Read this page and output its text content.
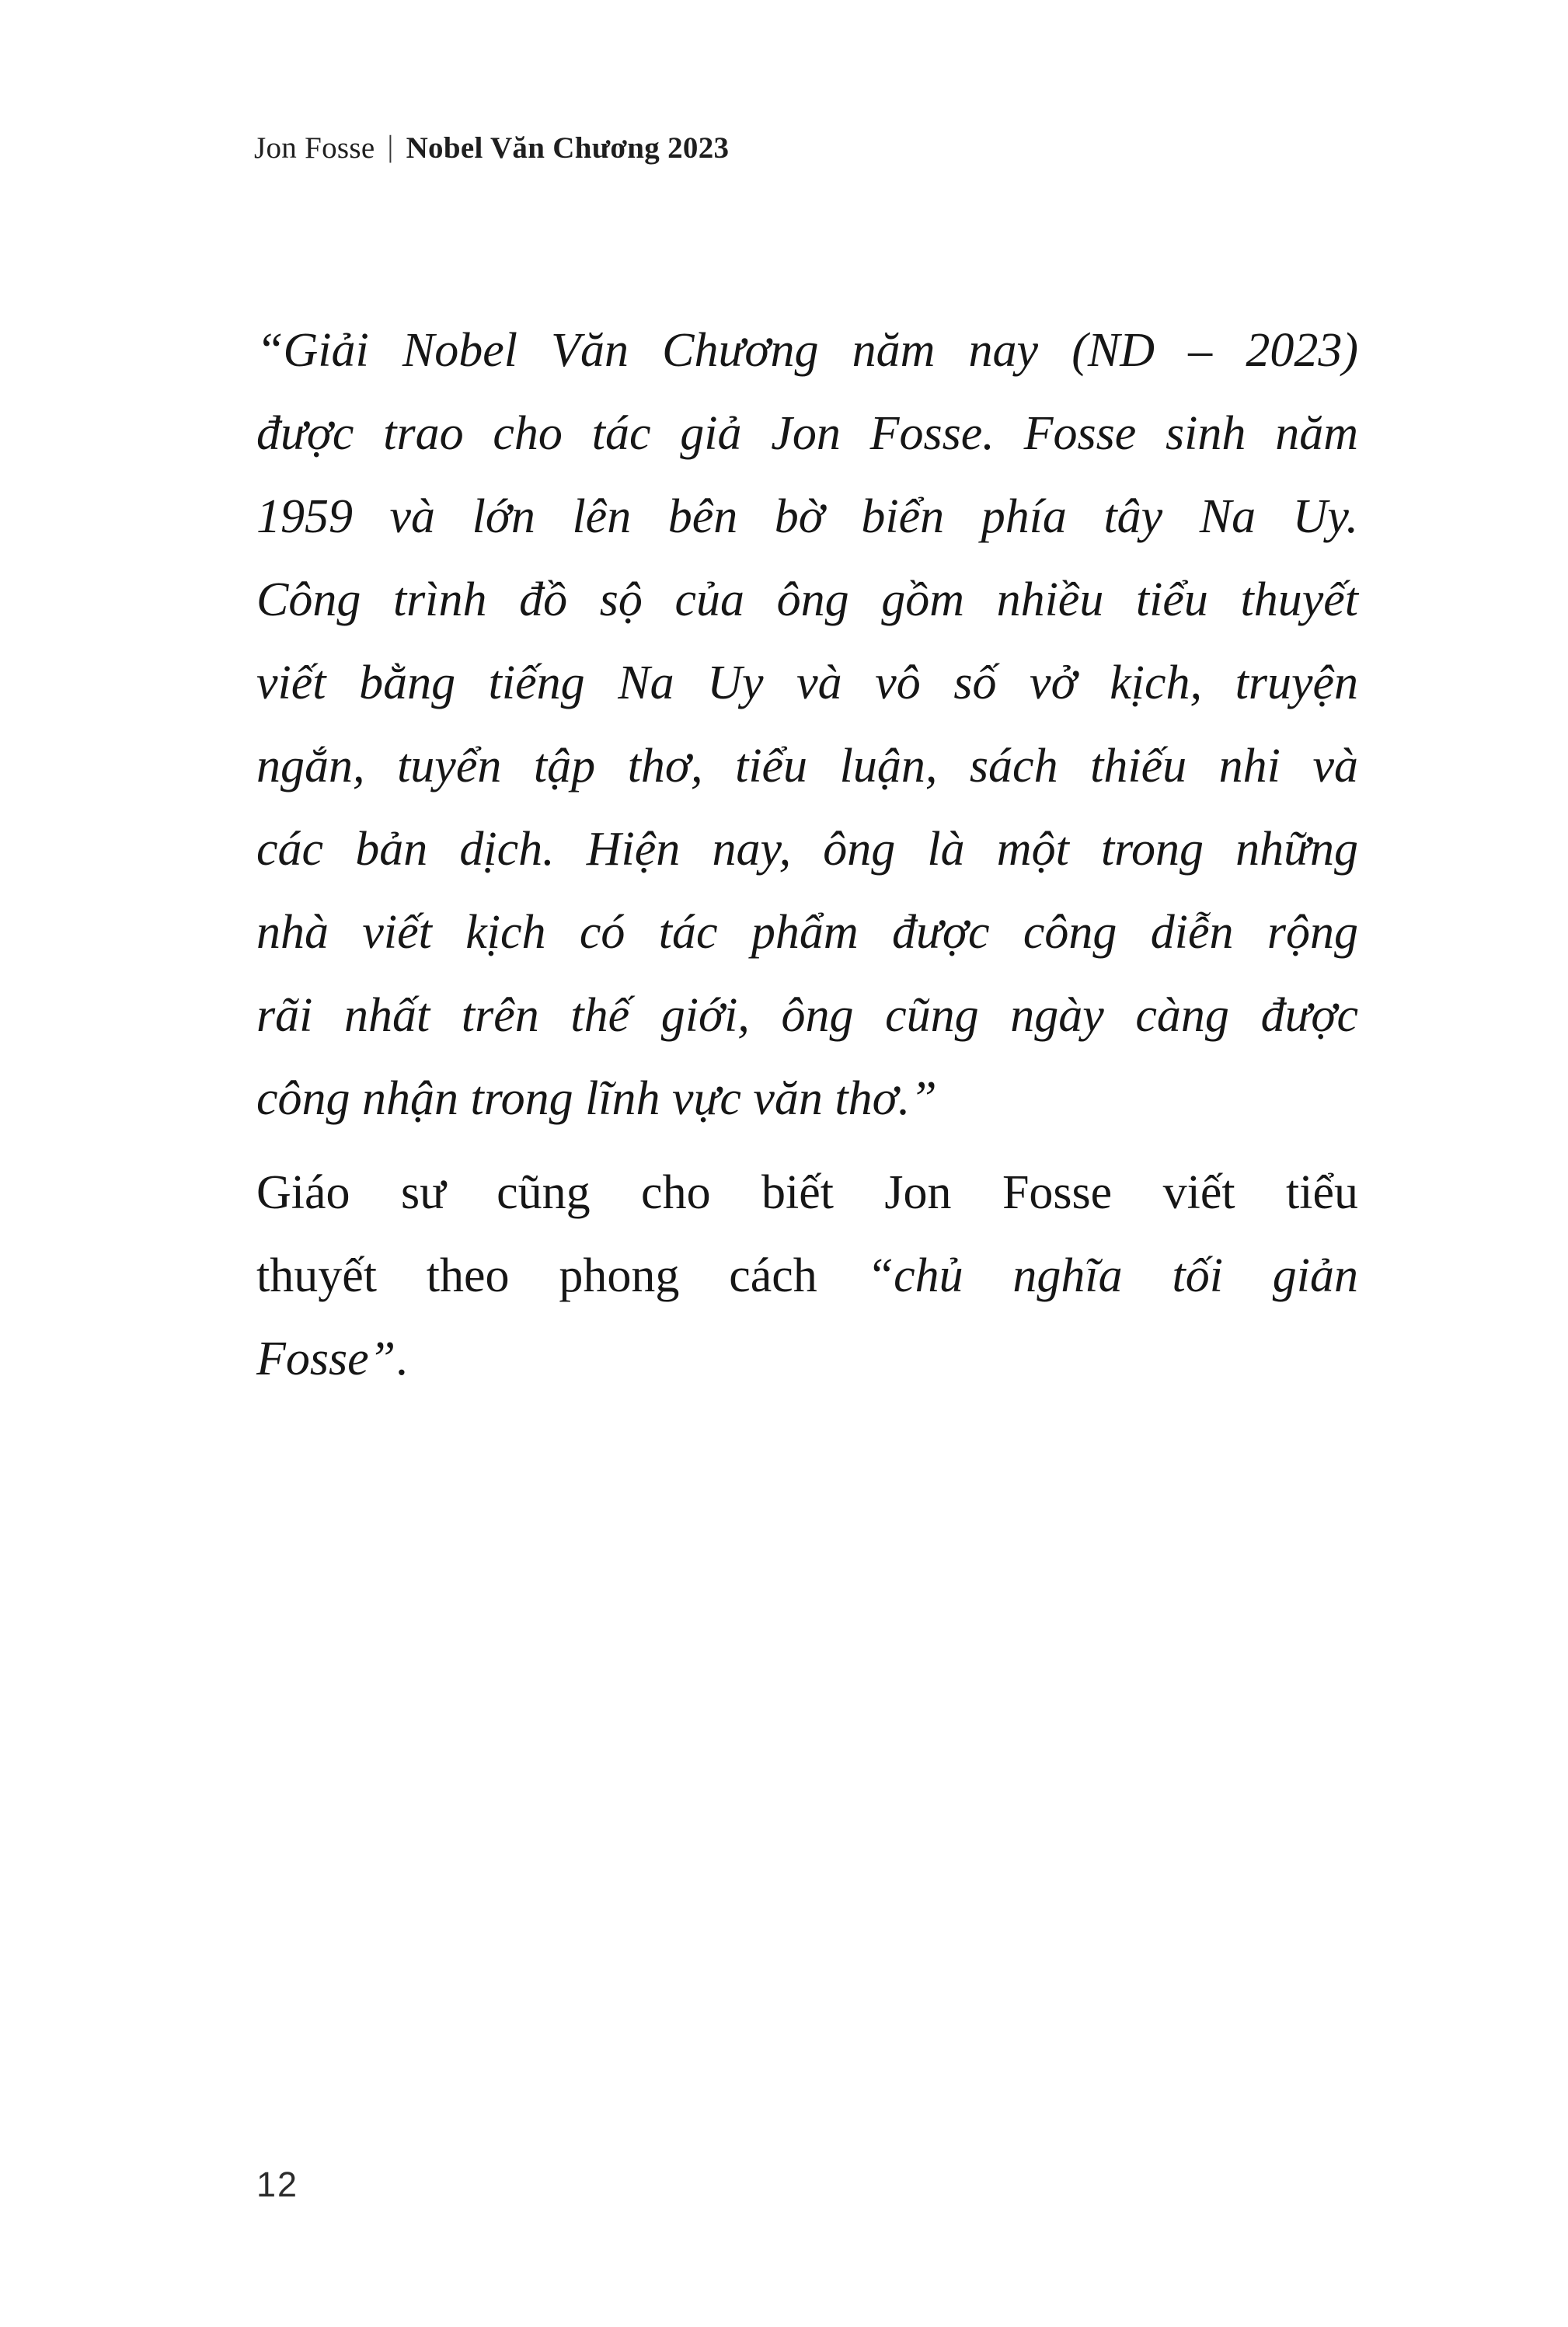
Jon Fosse | Nobel Văn Chương 2023
“Giải Nobel Văn Chương năm nay (ND – 2023)
được trao cho tác giả Jon Fosse. Fosse sinh năm
1959 và lớn lên bên bờ biển phía tây Na Uy.
Công trình đồ sộ của ông gồm nhiều tiểu thuyết
viết bằng tiếng Na Uy và vô số vở kịch, truyện
ngắn, tuyển tập thơ, tiểu luận, sách thiếu nhi và
các bản dịch. Hiện nay, ông là một trong những
nhà viết kịch có tác phẩm được công diễn rộng
rãi nhất trên thế giới, ông cũng ngày càng được
công nhận trong lĩnh vực văn thơ.”
Giáo sư cũng cho biết Jon Fosse viết tiểu
thuyết theo phong cách “chủ nghĩa tối giản
Fosse”.
12
